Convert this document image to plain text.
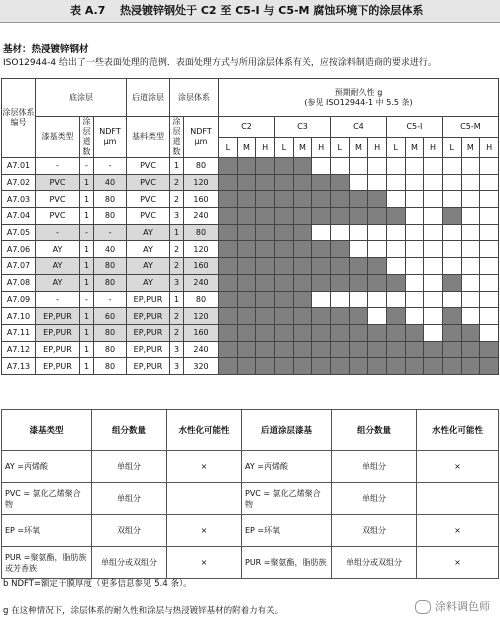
表 A.7 热浸镀锌钢处于 C2 至 C5-I 与 C5-M 腐蚀环境下的涂层体系
基材：热浸镀锌钢材
ISO12944-4 给出了一些表面处理的范例．表面处理方式与所用涂层体系有关，应按涂料制造商的要求进行。
涂层体系编号	底涂层			后道涂层	涂层体系		预期耐久性 g
(参见 ISO12944-1 中 5.5 条)														

	漆基类型	涂层道数	NDFT µm	基料类型	涂层道数	NDFT µm	C2			C3			C4			C5-I			C5-M		
							L	M	H	L	M	H	L	M	H	L	M	H	L	M	H
A7.01	-	-	-	PVC	1	80															
A7.02	PVC	1	40	PVC	2	120															
A7.03	PVC	1	80	PVC	2	160															
A7.04	PVC	1	80	PVC	3	240															
A7.05	-	-	-	AY	1	80															
A7.06	AY	1	40	AY	2	120															
A7.07	AY	1	80	AY	2	160															
A7.08	AY	1	80	AY	3	240															
A7.09	-	-	-	EP,PUR	1	80															
A7.10	EP,PUR	1	60	EP,PUR	2	120															
A7.11	EP,PUR	1	80	EP,PUR	2	160															
A7.12	EP,PUR	1	80	EP,PUR	3	240															
A7.13	EP,PUR	1	80	EP,PUR	3	320															
漆基类型	组分数量	水性化可能性	后道涂层漆基	组分数量	水性化可能性
AY =丙烯酸	单组分	×	AY =丙烯酸	单组分	×
PVC = 氯化乙烯聚合物	单组分		PVC = 氯化乙烯聚合物	单组分	
EP =环氧	双组分	×	EP =环氧	双组分	×
PUR =聚氨酯，脂肪族或芳香族	单组分或双组分	×	PUR =聚氨酯，脂肪族	单组分或双组分	×
b NDFT=额定干膜厚度（更多信息参见 5.4 条）。
g 在这种情况下，涂层体系的耐久性和涂层与热浸镀锌基材的附着力有关。	涂料调色师
